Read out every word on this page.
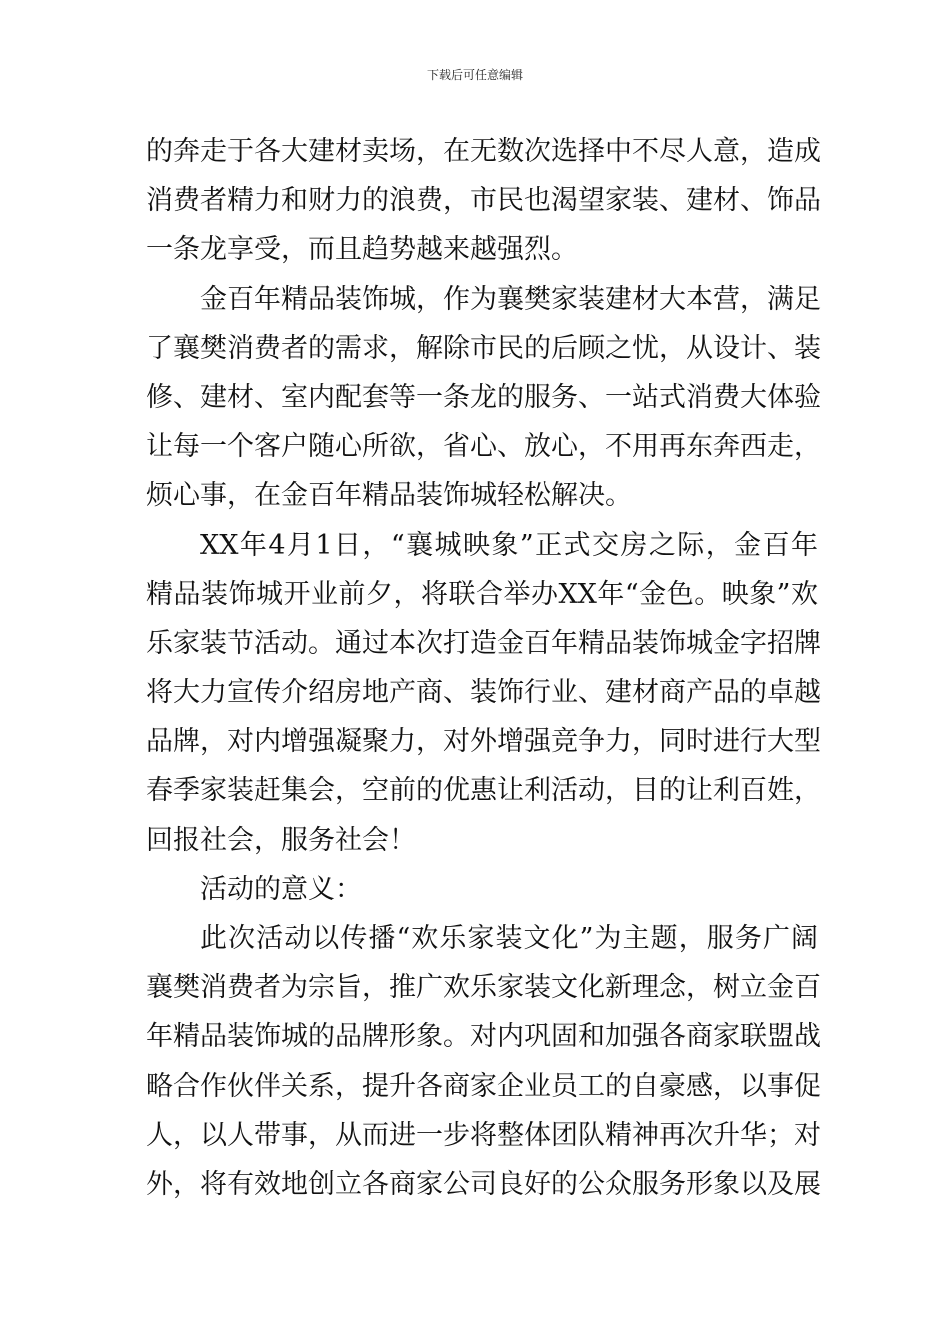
下载后可任意编辑
的奔走于各大建材卖场，在无数次选择中不尽人意，造成
消费者精力和财力的浪费，市民也渴望家装、建材、饰品
一条龙享受，而且趋势越来越强烈。
金百年精品装饰城，作为襄樊家装建材大本营，满足
了襄樊消费者的需求，解除市民的后顾之忧，从设计、装
修、建材、室内配套等一条龙的服务、一站式消费大体验
让每一个客户随心所欲，省心、放心，不用再东奔西走，
烦心事，在金百年精品装饰城轻松解决。
XX年4月1日，“襄城映象”正式交房之际，金百年
精品装饰城开业前夕，将联合举办XX年“金色。映象”欢
乐家装节活动。通过本次打造金百年精品装饰城金字招牌
将大力宣传介绍房地产商、装饰行业、建材商产品的卓越
品牌，对内增强凝聚力，对外增强竞争力，同时进行大型
春季家装赶集会，空前的优惠让利活动，目的让利百姓，
回报社会，服务社会！
活动的意义：
此次活动以传播“欢乐家装文化”为主题，服务广阔
襄樊消费者为宗旨，推广欢乐家装文化新理念，树立金百
年精品装饰城的品牌形象。对内巩固和加强各商家联盟战
略合作伙伴关系，提升各商家企业员工的自豪感，以事促
人，以人带事，从而进一步将整体团队精神再次升华；对
外，将有效地创立各商家公司良好的公众服务形象以及展
